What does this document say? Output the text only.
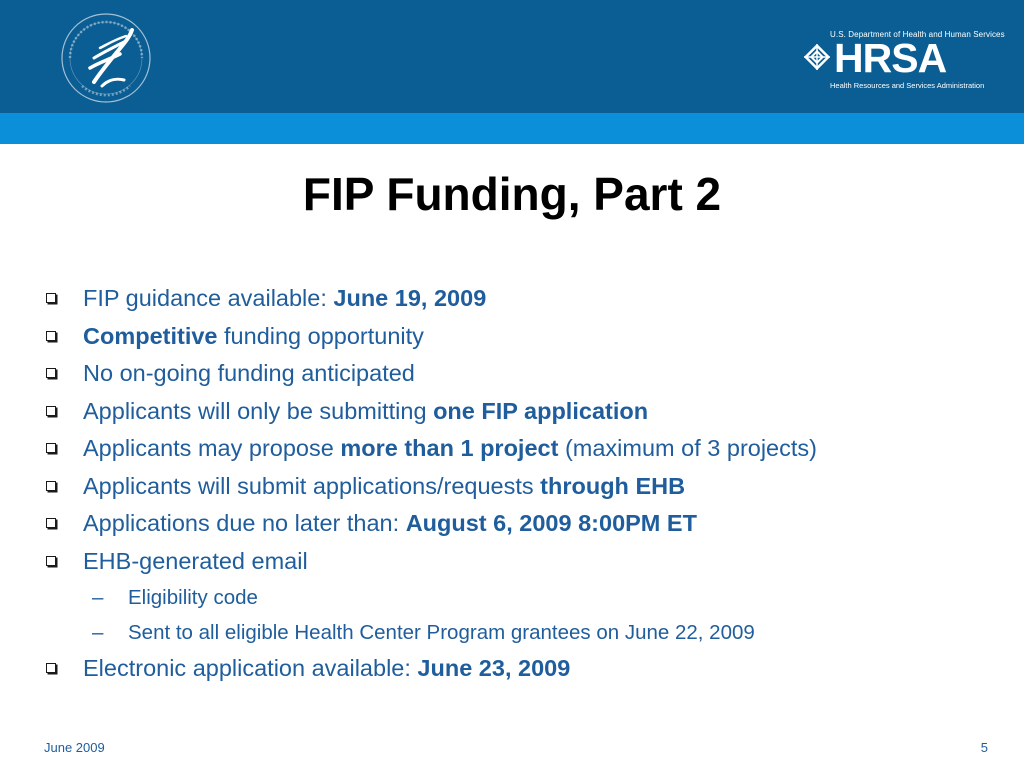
U.S. Department of Health and Human Services
HRSA
Health Resources and Services Administration
FIP Funding, Part 2
FIP guidance available: June 19, 2009
Competitive funding opportunity
No on-going funding anticipated
Applicants will only be submitting one FIP application
Applicants may propose more than 1 project (maximum of 3 projects)
Applicants will submit applications/requests through EHB
Applications due no later than: August 6, 2009 8:00PM ET
EHB-generated email
– Eligibility code
– Sent to all eligible Health Center Program grantees on June 22, 2009
Electronic application available: June 23, 2009
June 2009	5
